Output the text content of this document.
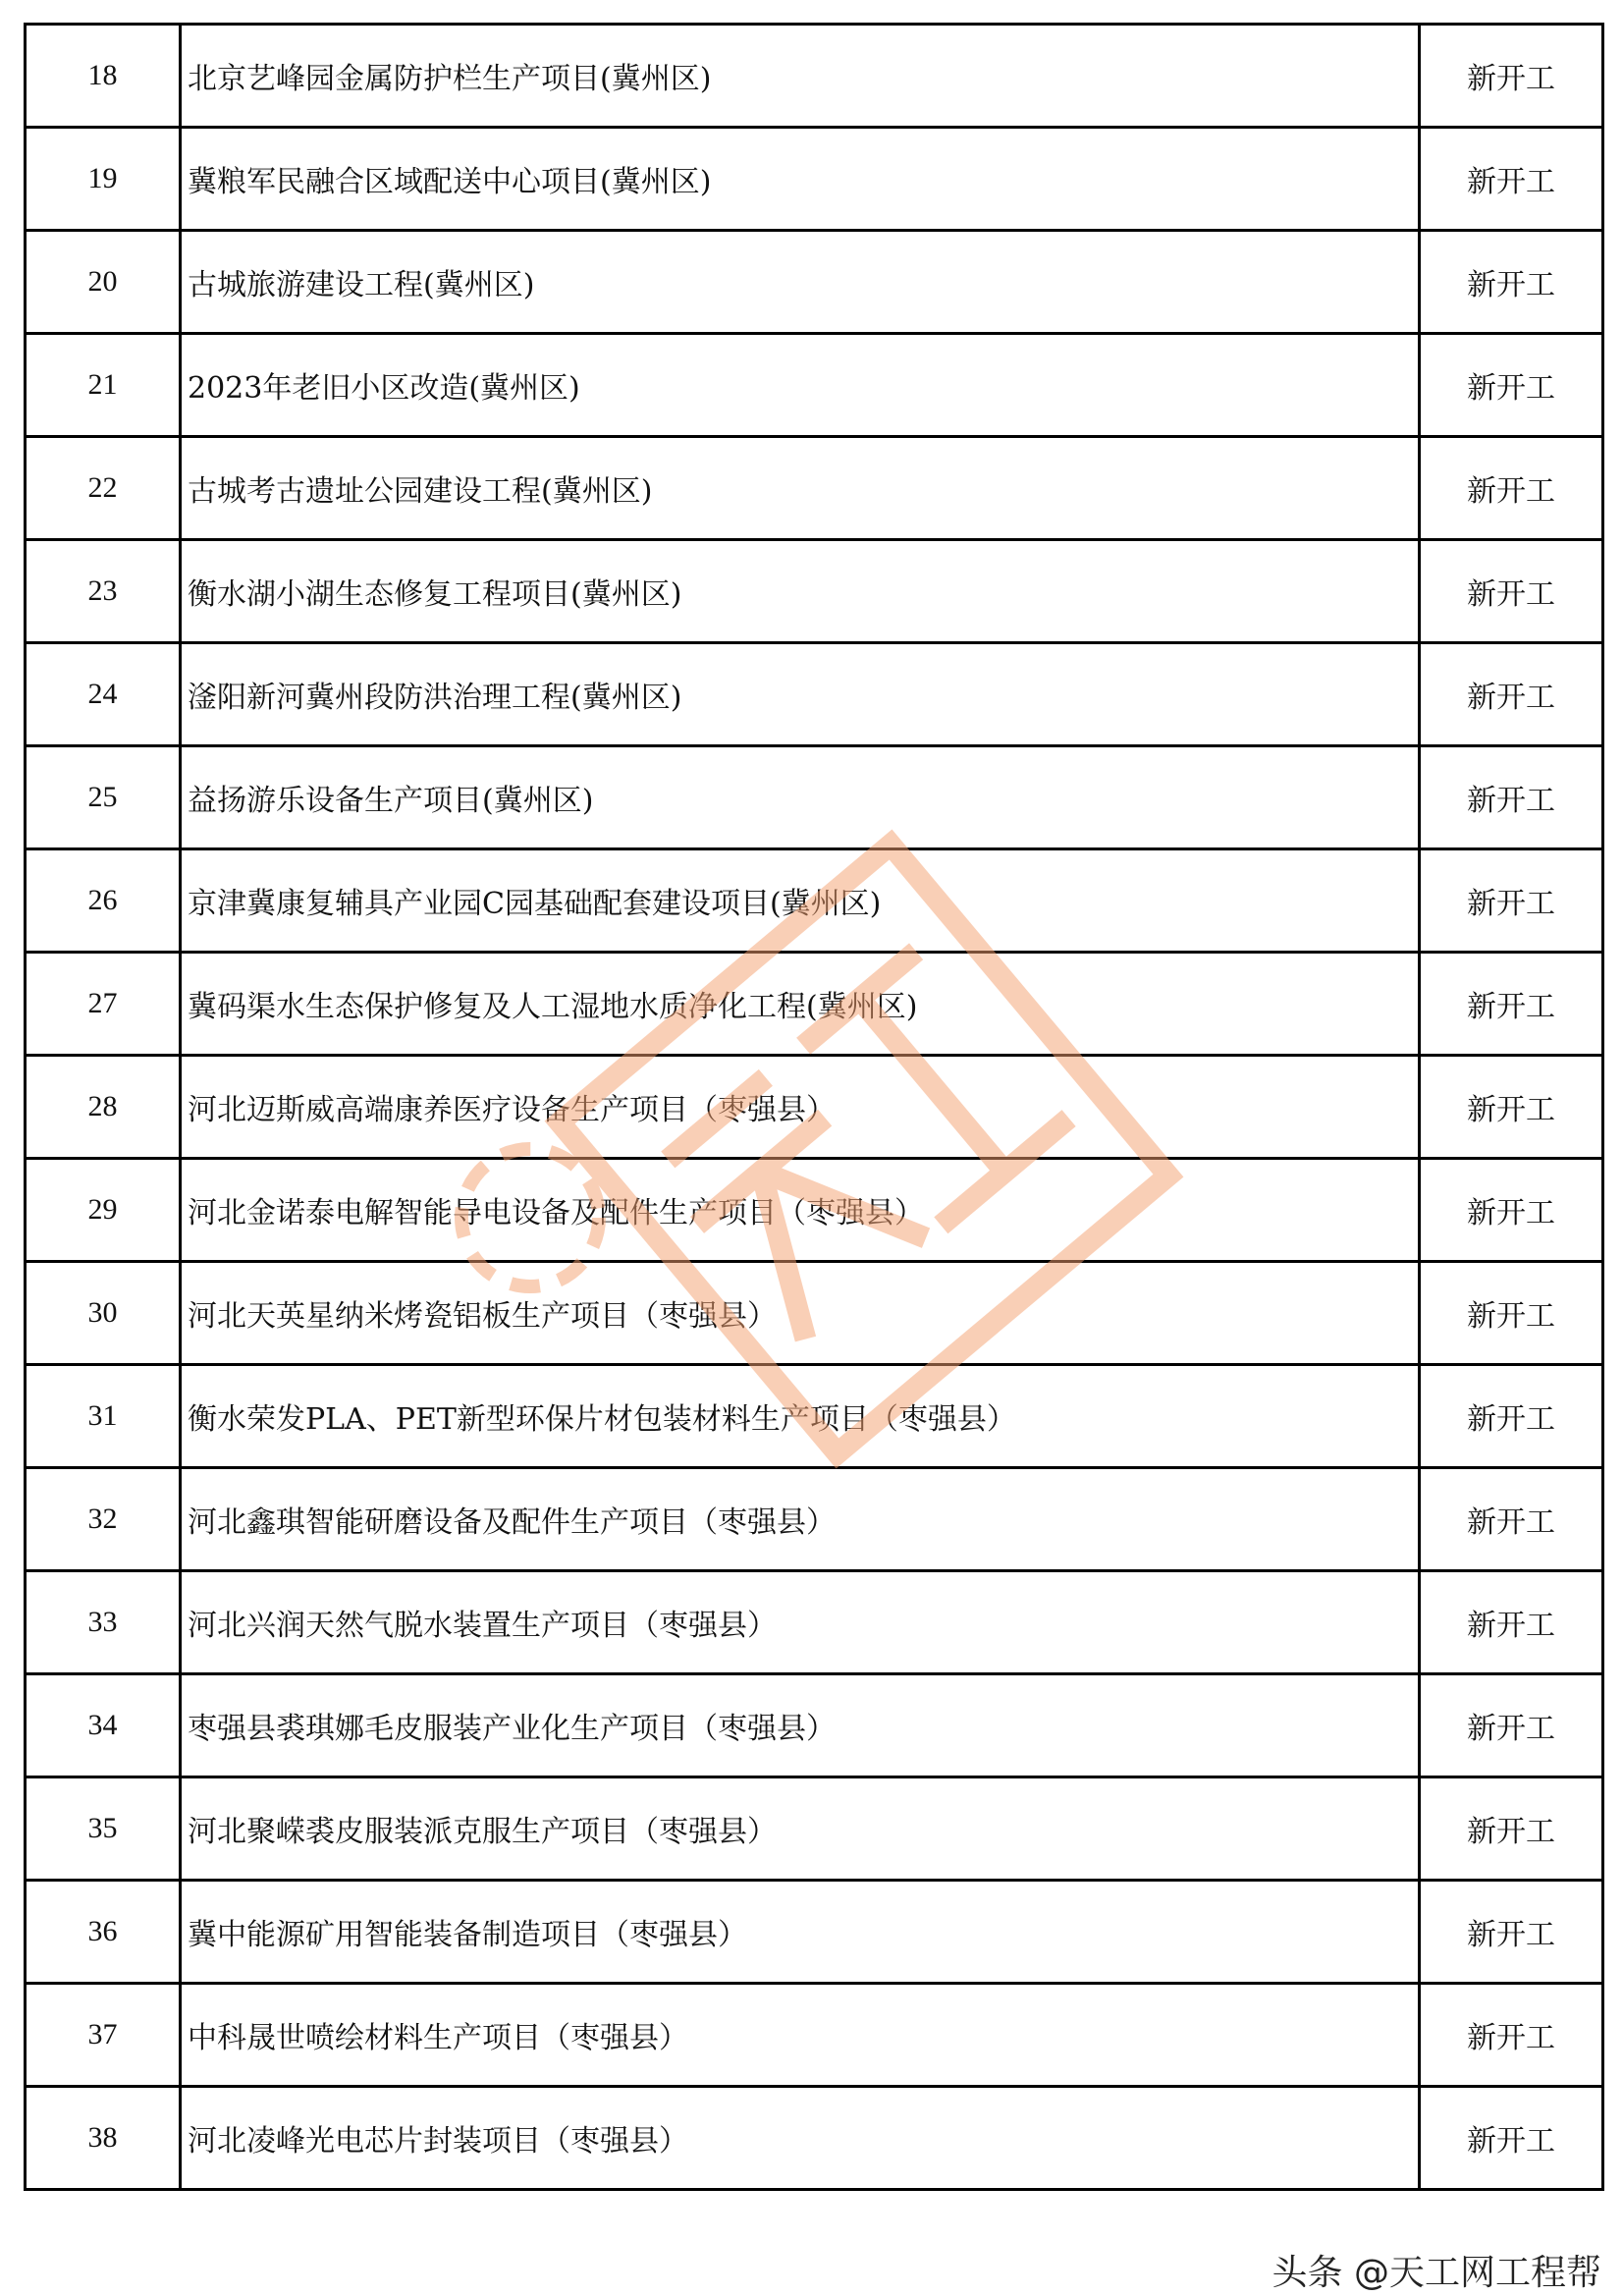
18	北京艺峰园金属防护栏生产项目(冀州区)	新开工
19	冀粮军民融合区域配送中心项目(冀州区)	新开工
20	古城旅游建设工程(冀州区)	新开工
21	2023年老旧小区改造(冀州区)	新开工
22	古城考古遗址公园建设工程(冀州区)	新开工
23	衡水湖小湖生态修复工程项目(冀州区)	新开工
24	滏阳新河冀州段防洪治理工程(冀州区)	新开工
25	益扬游乐设备生产项目(冀州区)	新开工
26	京津冀康复辅具产业园C园基础配套建设项目(冀州区)	新开工
27	冀码渠水生态保护修复及人工湿地水质净化工程(冀州区)	新开工
28	河北迈斯威高端康养医疗设备生产项目（枣强县）	新开工
29	河北金诺泰电解智能导电设备及配件生产项目（枣强县）	新开工
30	河北天英星纳米烤瓷铝板生产项目（枣强县）	新开工
31	衡水荣发PLA、PET新型环保片材包装材料生产项目（枣强县）	新开工
32	河北鑫琪智能研磨设备及配件生产项目（枣强县）	新开工
33	河北兴润天然气脱水装置生产项目（枣强县）	新开工
34	枣强县裘琪娜毛皮服装产业化生产项目（枣强县）	新开工
35	河北聚嵘裘皮服装派克服生产项目（枣强县）	新开工
36	冀中能源矿用智能装备制造项目（枣强县）	新开工
37	中科晟世喷绘材料生产项目（枣强县）	新开工
38	河北凌峰光电芯片封装项目（枣强县）	新开工
头条 @天工网工程帮
